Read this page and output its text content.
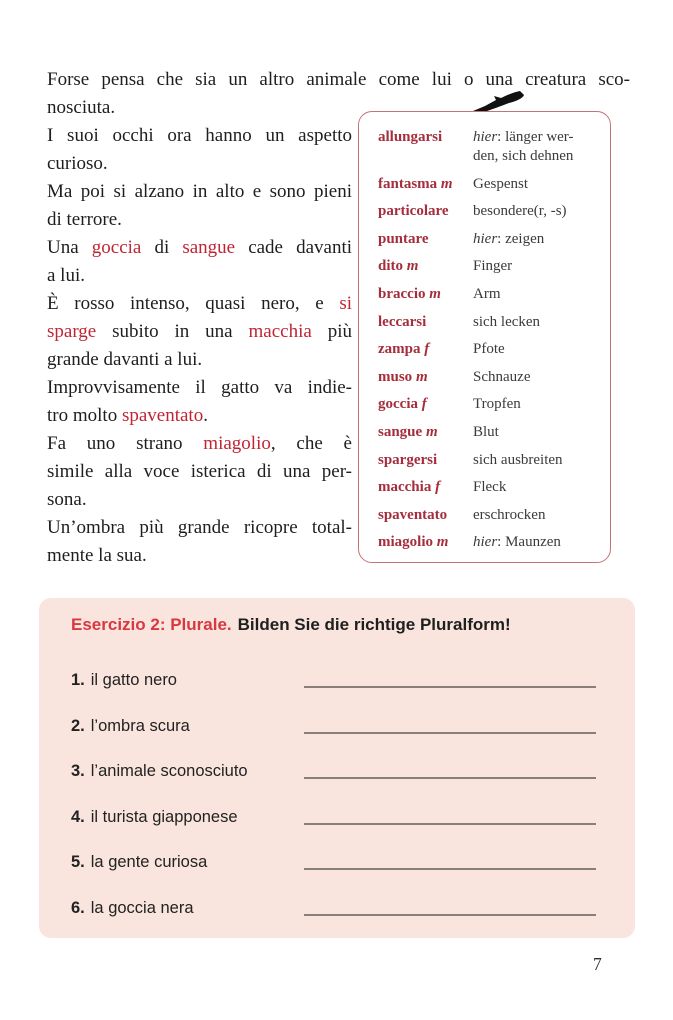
Forse pensa che sia un altro animale come lui o una creatura sco-
nosciuta.
I suoi occhi ora hanno un aspetto
curioso.
Ma poi si alzano in alto e sono pieni
di terrore.
Una goccia di sangue cade davanti
a lui.
È rosso intenso, quasi nero, e si
sparge subito in una macchia più
grande davanti a lui.
Improvvisamente il gatto va indie-
tro molto spaventato.
Fa uno strano miagolio, che è
simile alla voce isterica di una per-
sona.
Un’ombra più grande ricopre total-
mente la sua.
allungarsi	hier: länger wer-
den, sich dehnen
fantasma m	Gespenst
particolare	besondere(r, -s)
puntare	hier: zeigen
dito m	Finger
braccio m	Arm
leccarsi	sich lecken
zampa f	Pfote
muso m	Schnauze
goccia f	Tropfen
sangue m	Blut
spargersi	sich ausbreiten
macchia f	Fleck
spaventato	erschrocken
miagolio m	hier: Maunzen
Esercizio 2: Plurale. Bilden Sie die richtige Pluralform!
1. il gatto nero
2. l’ombra scura
3. l’animale sconosciuto
4. il turista giapponese
5. la gente curiosa
6. la goccia nera
7
